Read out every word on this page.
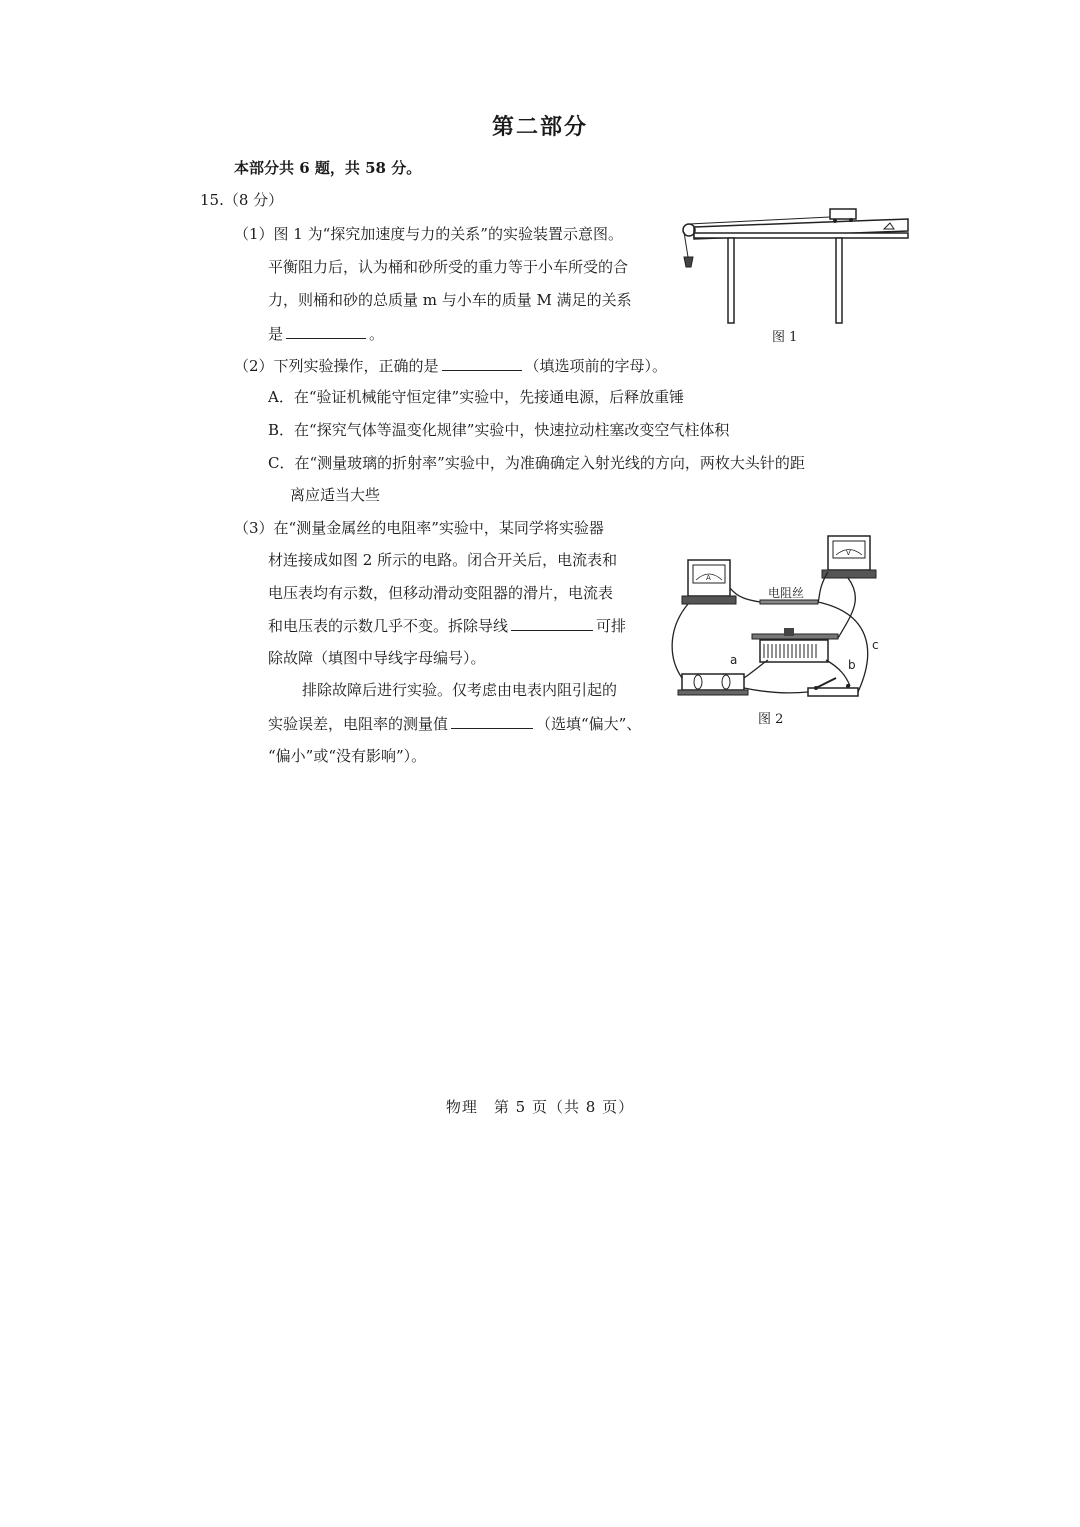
第二部分
本部分共 6 题，共 58 分。
15.（8 分）
（1）图 1 为“探究加速度与力的关系”的实验装置示意图。
平衡阻力后，认为桶和砂所受的重力等于小车所受的合
力，则桶和砂的总质量 m 与小车的质量 M 满足的关系
是	。	图 1
（2）下列实验操作，正确的是	（填选项前的字母）。
A．在“验证机械能守恒定律”实验中，先接通电源，后释放重锤
B．在“探究气体等温变化规律”实验中，快速拉动柱塞改变空气柱体积
C．在“测量玻璃的折射率”实验中，为准确确定入射光线的方向，两枚大头针的距
离应适当大些
（3）在“测量金属丝的电阻率”实验中，某同学将实验器
材连接成如图 2 所示的电路。闭合开关后，电流表和
电压表均有示数，但移动滑动变阻器的滑片，电流表
和电压表的示数几乎不变。拆除导线	可排
除故障（填图中导线字母编号）。
排除故障后进行实验。仅考虑由电表内阻引起的
实验误差，电阻率的测量值	（选填“偏大”、
“偏小”或“没有影响”）。
A
V
电阻丝
a	b
c
图 2
物理　第 5 页（共 8 页）
